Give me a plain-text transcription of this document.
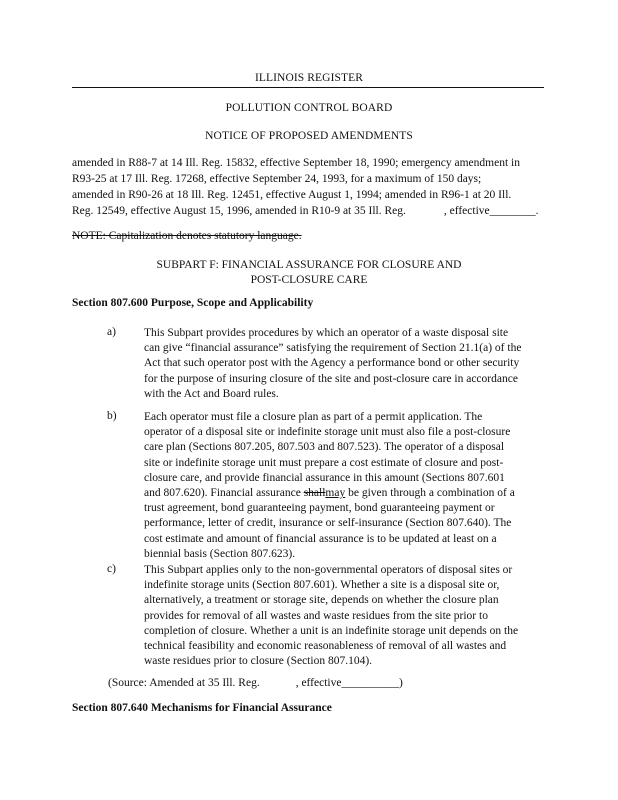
ILLINOIS REGISTER
POLLUTION CONTROL BOARD
NOTICE OF PROPOSED AMENDMENTS
amended in R88-7 at 14 Ill. Reg. 15832, effective September 18, 1990; emergency amendment in
R93-25 at 17 Ill. Reg. 17268, effective September 24, 1993, for a maximum of 150 days;
amended in R90-26 at 18 Ill. Reg. 12451, effective August 1, 1994; amended in R96-1 at 20 Ill.
Reg. 12549, effective August 15, 1996, amended in R10-9 at 35 Ill. Reg.	, effective________.
NOTE: Capitalization denotes statutory language.
SUBPART F: FINANCIAL ASSURANCE FOR CLOSURE AND
POST-CLOSURE CARE
Section 807.600 Purpose, Scope and Applicability
a) This Subpart provides procedures by which an operator of a waste disposal site
can give “financial assurance” satisfying the requirement of Section 21.1(a) of the
Act that such operator post with the Agency a performance bond or other security
for the purpose of insuring closure of the site and post-closure care in accordance
with the Act and Board rules.
b) Each operator must file a closure plan as part of a permit application. The
operator of a disposal site or indefinite storage unit must also file a post-closure
care plan (Sections 807.205, 807.503 and 807.523). The operator of a disposal
site or indefinite storage unit must prepare a cost estimate of closure and post-
closure care, and provide financial assurance in this amount (Sections 807.601
and 807.620). Financial assurance shallmay be given through a combination of a
trust agreement, bond guaranteeing payment, bond guaranteeing payment or
performance, letter of credit, insurance or self-insurance (Section 807.640). The
cost estimate and amount of financial assurance is to be updated at least on a
biennial basis (Section 807.623).
c) This Subpart applies only to the non-governmental operators of disposal sites or
indefinite storage units (Section 807.601). Whether a site is a disposal site or,
alternatively, a treatment or storage site, depends on whether the closure plan
provides for removal of all wastes and waste residues from the site prior to
completion of closure. Whether a unit is an indefinite storage unit depends on the
technical feasibility and economic reasonableness of removal of all wastes and
waste residues prior to closure (Section 807.104).
(Source: Amended at 35 Ill. Reg.	, effective__________)
Section 807.640 Mechanisms for Financial Assurance
